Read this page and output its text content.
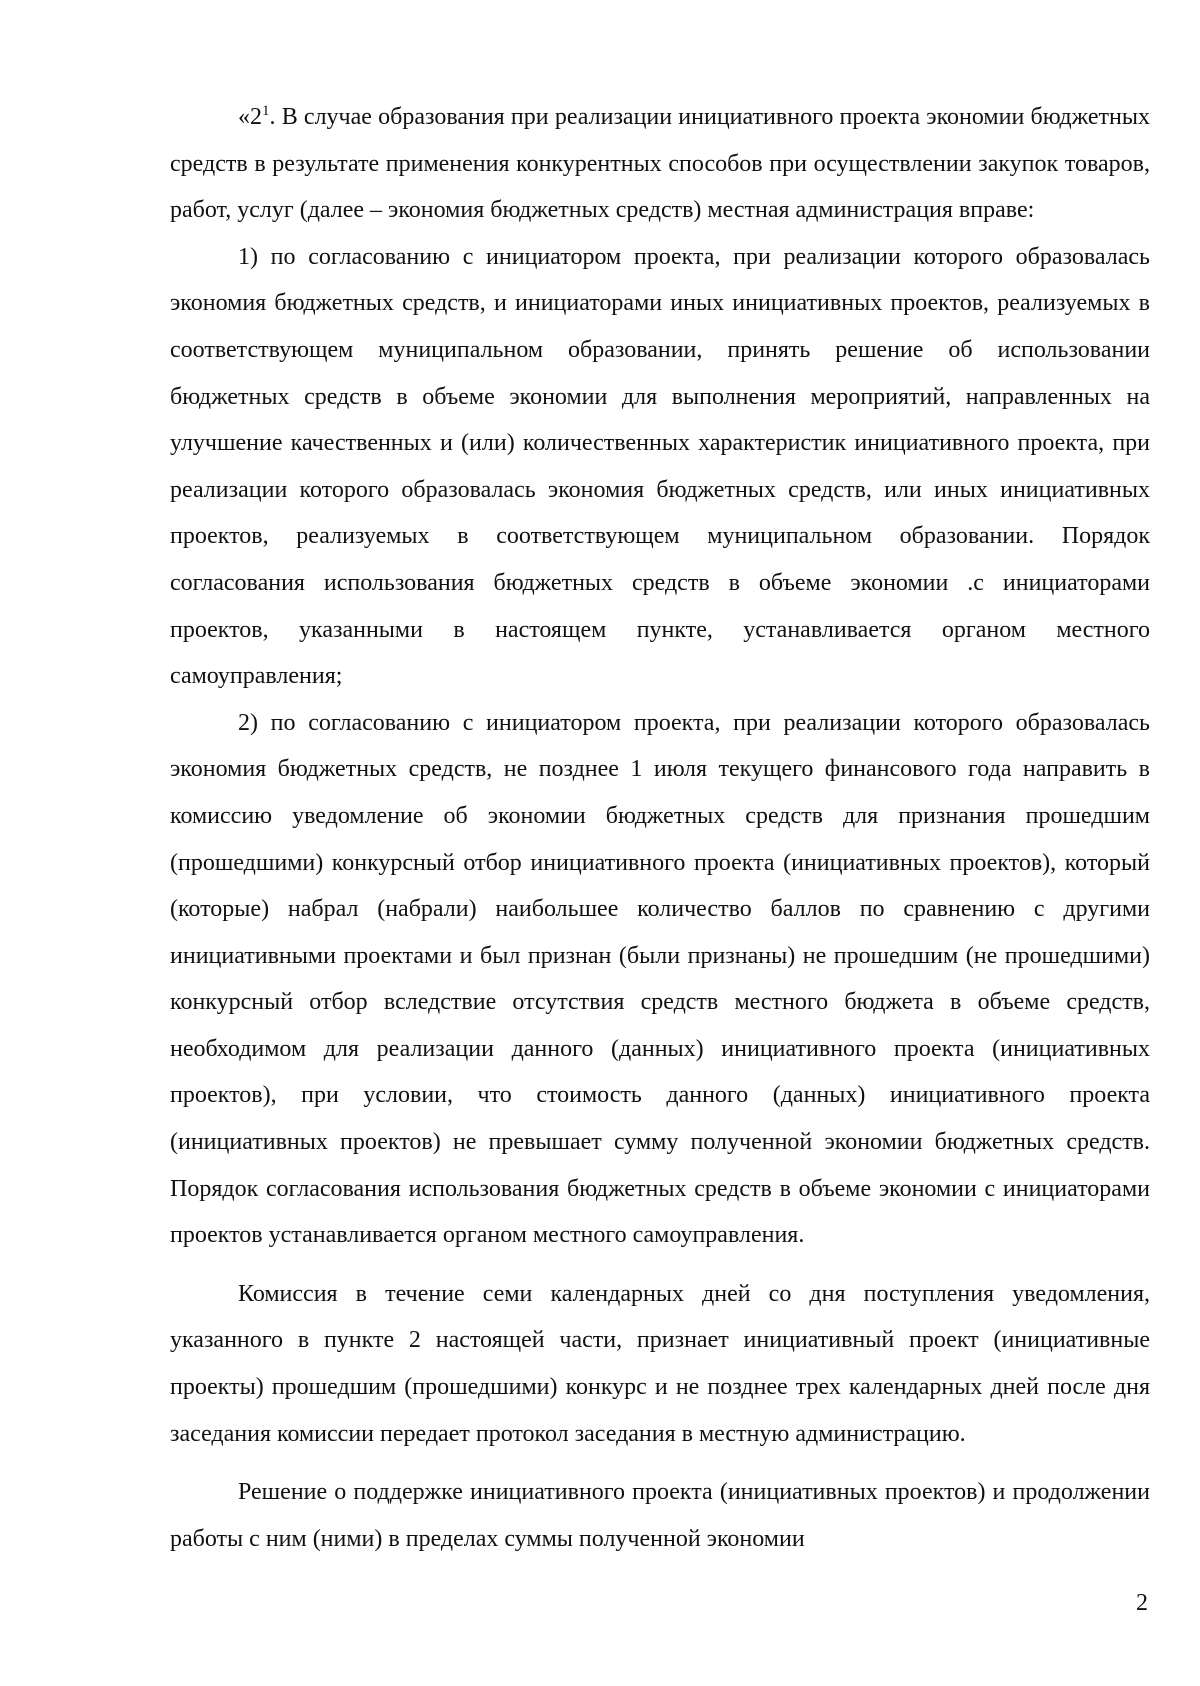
«$2^1$. В случае образования при реализации инициативного проекта экономии бюджетных средств в результате применения конкурентных способов при осуществлении закупок товаров, работ, услуг (далее – экономия бюджетных средств) местная администрация вправе:

1) по согласованию с инициатором проекта, при реализации которого образовалась экономия бюджетных средств, и инициаторами иных инициативных проектов, реализуемых в соответствующем муниципальном образовании, принять решение об использовании бюджетных средств в объеме экономии для выполнения мероприятий, направленных на улучшение качественных и (или) количественных характеристик инициативного проекта, при реализации которого образовалась экономия бюджетных средств, или иных инициативных проектов, реализуемых в соответствующем муниципальном образовании. Порядок согласования использования бюджетных средств в объеме экономии .с инициаторами проектов, указанными в настоящем пункте, устанавливается органом местного самоуправления;

2) по согласованию с инициатором проекта, при реализации которого образовалась экономия бюджетных средств, не позднее 1 июля текущего финансового года направить в комиссию уведомление об экономии бюджетных средств для признания прошедшим (прошедшими) конкурсный отбор инициативного проекта (инициативных проектов), который (которые) набрал (набрали) наибольшее количество баллов по сравнению с другими инициативными проектами и был признан (были признаны) не прошедшим (не прошедшими) конкурсный отбор вследствие отсутствия средств местного бюджета в объеме средств, необходимом для реализации данного (данных) инициативного проекта (инициативных проектов), при условии, что стоимость данного (данных) инициативного проекта (инициативных проектов) не превышает сумму полученной экономии бюджетных средств. Порядок согласования использования бюджетных средств в объеме экономии с инициаторами проектов устанавливается органом местного самоуправления.

Комиссия в течение семи календарных дней со дня поступления уведомления, указанного в пункте 2 настоящей части, признает инициативный проект (инициативные проекты) прошедшим (прошедшими) конкурс и не позднее трех календарных дней после дня заседания комиссии передает протокол заседания в местную администрацию.

Решение о поддержке инициативного проекта (инициативных проектов) и продолжении работы с ним (ними) в пределах суммы полученной экономии

2
